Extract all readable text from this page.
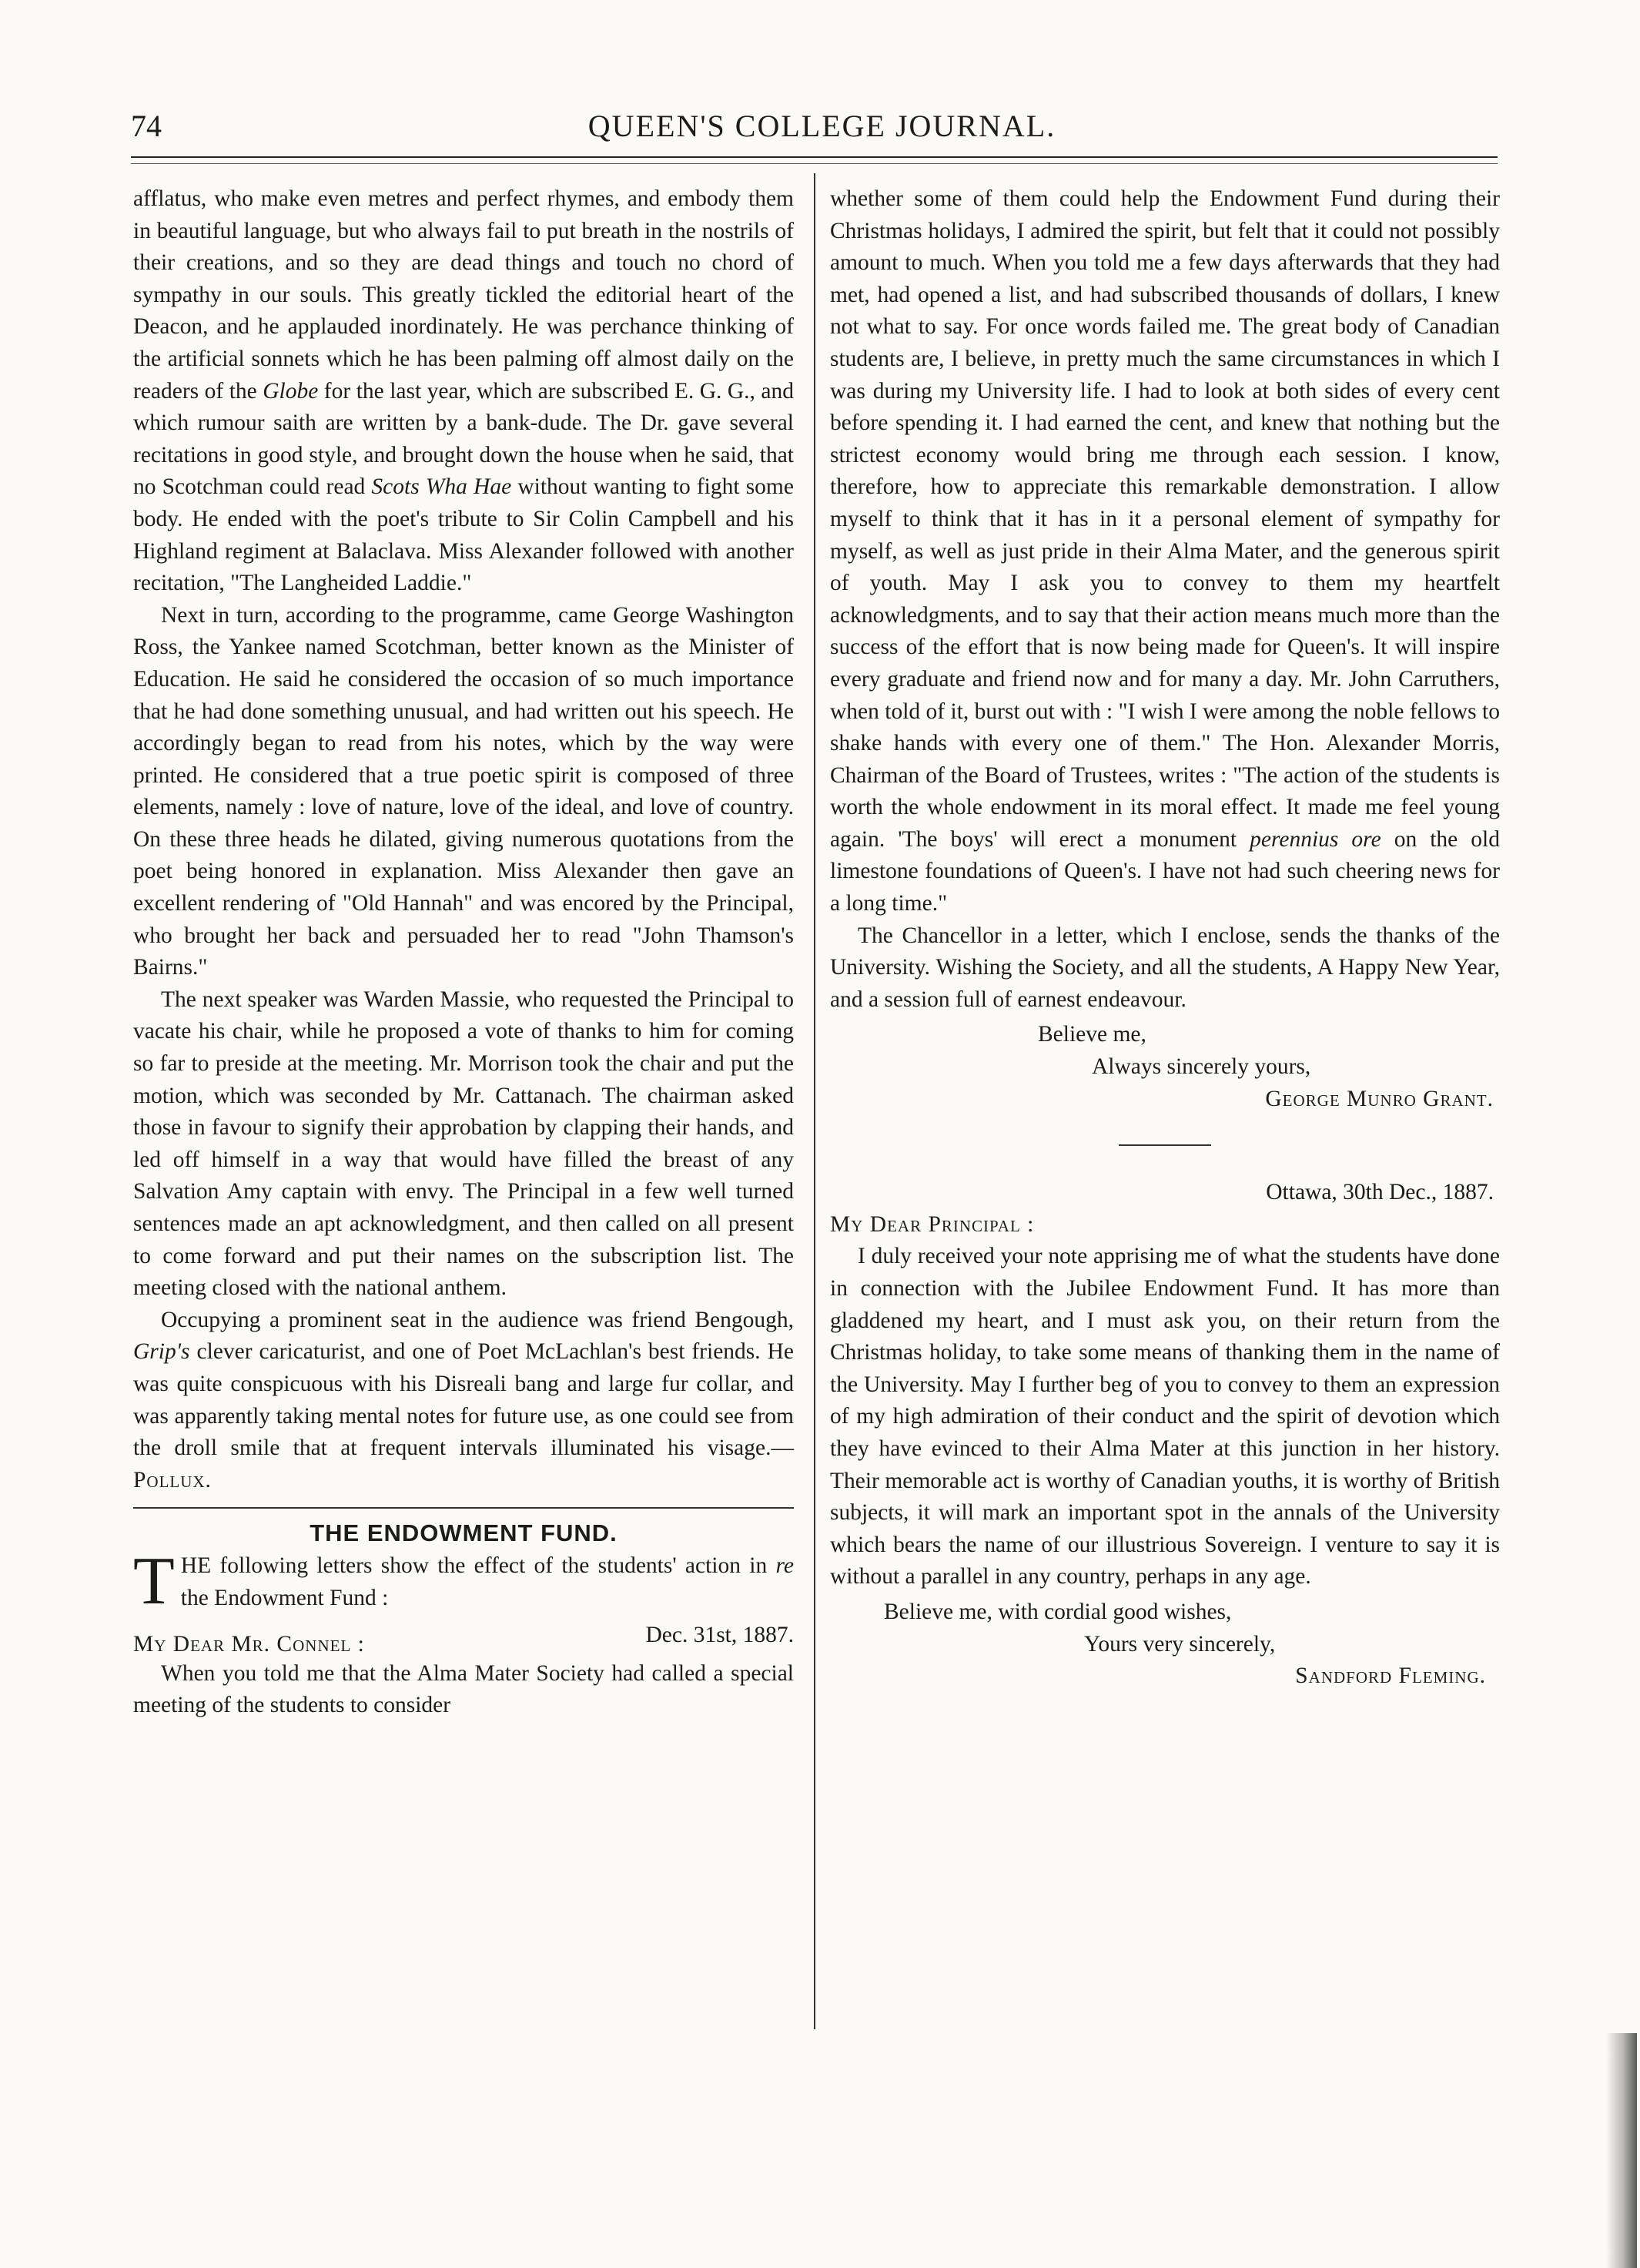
74	QUEEN'S COLLEGE JOURNAL.

afflatus, who make even metres and perfect rhymes, and embody them in beautiful language, but who always fail to put breath in the nostrils of their creations, and so they are dead things and touch no chord of sympathy in our souls. This greatly tickled the editorial heart of the Deacon, and he applauded inordinately. He was perchance thinking of the artificial sonnets which he has been palming off almost daily on the readers of the Globe for the last year, which are subscribed E. G. G., and which rumour saith are written by a bank-dude. The Dr. gave several recitations in good style, and brought down the house when he said, that no Scotchman could read Scots Wha Hae without wanting to fight some body. He ended with the poet's tribute to Sir Colin Campbell and his Highland regiment at Balaclava. Miss Alexander followed with another recitation, "The Langheided Laddie."

Next in turn, according to the programme, came George Washington Ross, the Yankee named Scotchman, better known as the Minister of Education. He said he considered the occasion of so much importance that he had done something unusual, and had written out his speech. He accordingly began to read from his notes, which by the way were printed. He considered that a true poetic spirit is composed of three elements, namely : love of nature, love of the ideal, and love of country. On these three heads he dilated, giving numerous quotations from the poet being honored in explanation. Miss Alexander then gave an excellent rendering of "Old Hannah" and was encored by the Principal, who brought her back and persuaded her to read "John Thamson's Bairns."

The next speaker was Warden Massie, who requested the Principal to vacate his chair, while he proposed a vote of thanks to him for coming so far to preside at the meeting. Mr. Morrison took the chair and put the motion, which was seconded by Mr. Cattanach. The chairman asked those in favour to signify their approbation by clapping their hands, and led off himself in a way that would have filled the breast of any Salvation Amy captain with envy. The Principal in a few well turned sentences made an apt acknowledgment, and then called on all present to come forward and put their names on the subscription list. The meeting closed with the national anthem.

Occupying a prominent seat in the audience was friend Bengough, Grip's clever caricaturist, and one of Poet McLachlan's best friends. He was quite conspicuous with his Disreali bang and large fur collar, and was apparently taking mental notes for future use, as one could see from the droll smile that at frequent intervals illuminated his visage.—Pollux.

THE ENDOWMENT FUND.

THE following letters show the effect of the students' action in re the Endowment Fund :

My Dear Mr. Connel :	Dec. 31st, 1887.

When you told me that the Alma Mater Society had called a special meeting of the students to consider

whether some of them could help the Endowment Fund during their Christmas holidays, I admired the spirit, but felt that it could not possibly amount to much. When you told me a few days afterwards that they had met, had opened a list, and had subscribed thousands of dollars, I knew not what to say. For once words failed me. The great body of Canadian students are, I believe, in pretty much the same circumstances in which I was during my University life. I had to look at both sides of every cent before spending it. I had earned the cent, and knew that nothing but the strictest economy would bring me through each session. I know, therefore, how to appreciate this remarkable demonstration. I allow myself to think that it has in it a personal element of sympathy for myself, as well as just pride in their Alma Mater, and the generous spirit of youth. May I ask you to convey to them my heartfelt acknowledgments, and to say that their action means much more than the success of the effort that is now being made for Queen's. It will inspire every graduate and friend now and for many a day. Mr. John Carruthers, when told of it, burst out with : "I wish I were among the noble fellows to shake hands with every one of them." The Hon. Alexander Morris, Chairman of the Board of Trustees, writes : "The action of the students is worth the whole endowment in its moral effect. It made me feel young again. 'The boys' will erect a monument perennius ore on the old limestone foundations of Queen's. I have not had such cheering news for a long time."

The Chancellor in a letter, which I enclose, sends the thanks of the University. Wishing the Society, and all the students, A Happy New Year, and a session full of earnest endeavour.

Believe me,
Always sincerely yours,
George Munro Grant.
Ottawa, 30th Dec., 1887.
My Dear Principal :

I duly received your note apprising me of what the students have done in connection with the Jubilee Endowment Fund. It has more than gladdened my heart, and I must ask you, on their return from the Christmas holiday, to take some means of thanking them in the name of the University. May I further beg of you to convey to them an expression of my high admiration of their conduct and the spirit of devotion which they have evinced to their Alma Mater at this junction in her history. Their memorable act is worthy of Canadian youths, it is worthy of British subjects, it will mark an important spot in the annals of the University which bears the name of our illustrious Sovereign. I venture to say it is without a parallel in any country, perhaps in any age.

Believe me, with cordial good wishes,
Yours very sincerely,
Sandford Fleming.
